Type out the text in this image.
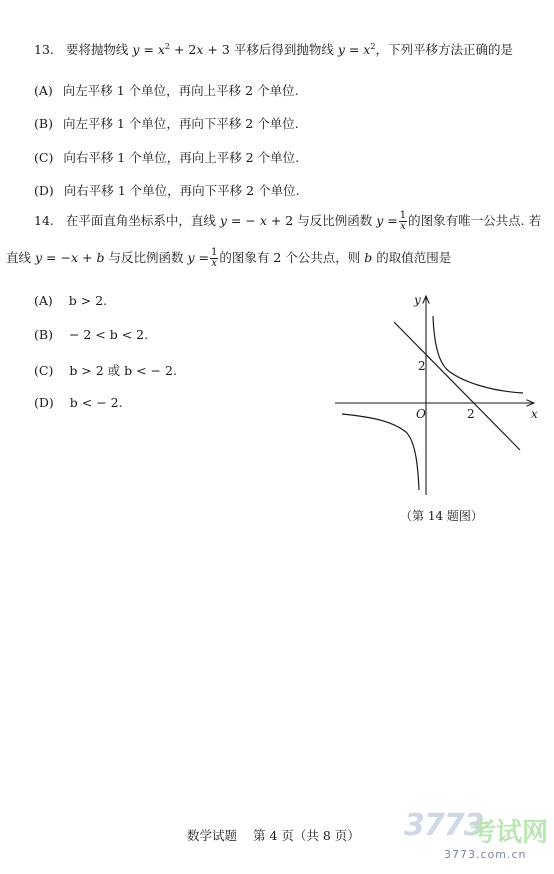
13. 要将抛物线 $y = x^2 + 2x + 3$ 平移后得到抛物线 $y = x^2$，下列平移方法正确的是
(A) 向左平移 1 个单位，再向上平移 2 个单位.
(B) 向左平移 1 个单位，再向下平移 2 个单位.
(C) 向右平移 1 个单位，再向上平移 2 个单位.
(D) 向右平移 1 个单位，再向下平移 2 个单位.
14. 在平面直角坐标系中，直线 y = − x + 2 与反比例函数 $y = \frac{1}{x}$ 的图象有唯一公共点. 若
直线 y = −x + b 与反比例函数 $y = \frac{1}{x}$ 的图象有 2 个公共点，则 b 的取值范围是
(A) b > 2.
(B) − 2 < b < 2.
(C) b > 2 或 b < − 2.
(D) b < − 2.
x
y
O	2
2
（第 14 题图）
数学试题 第 4 页（共 8 页） 3773
考试网
3773.com.cn
